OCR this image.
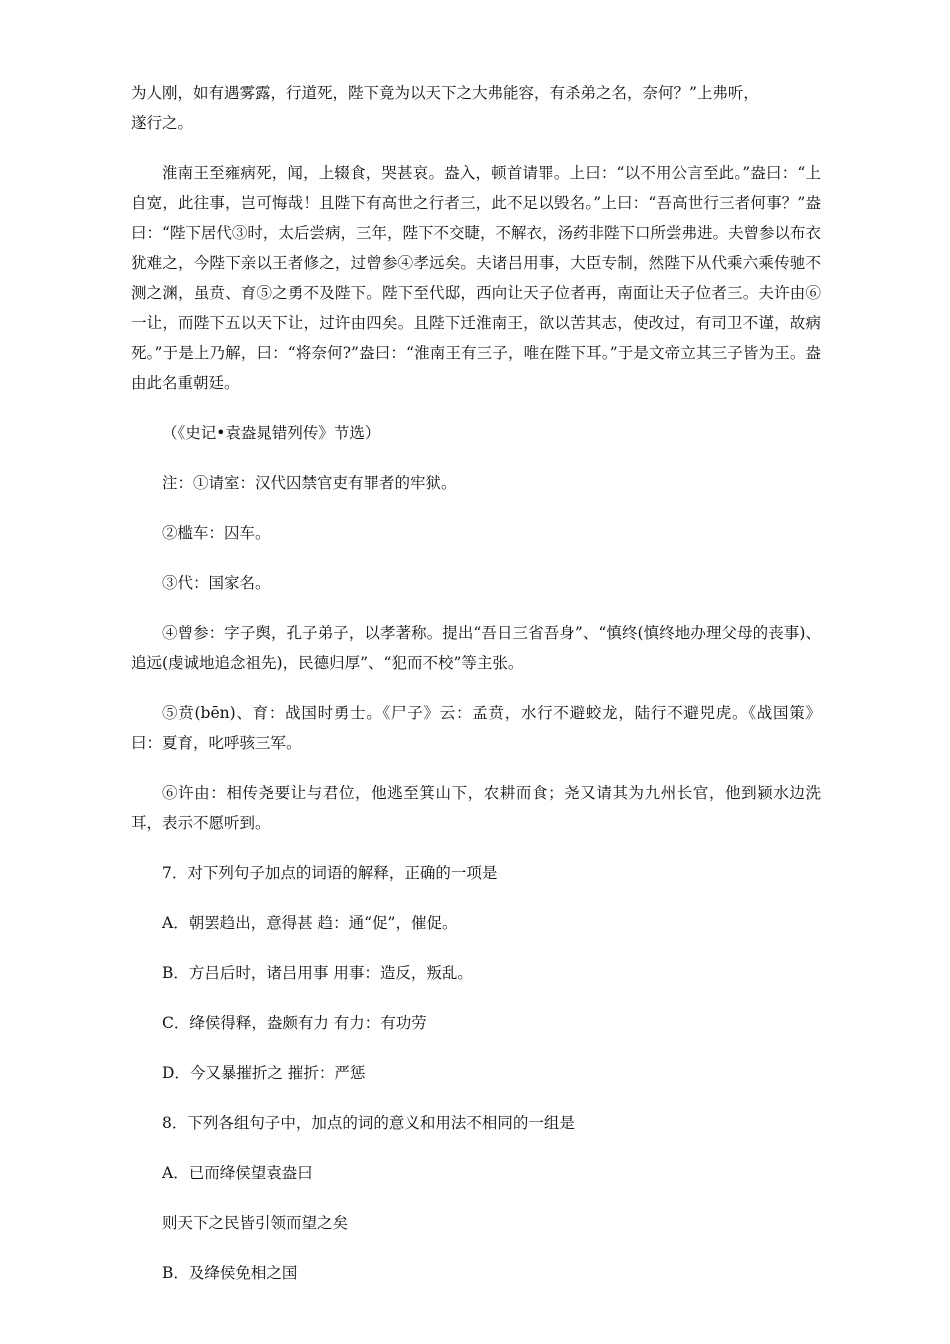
为人刚，如有遇雾露，行道死，陛下竟为以天下之大弗能容，有杀弟之名，奈何？”上弗听，

遂行之。

淮南王至雍病死，闻，上辍食，哭甚哀。盎入，顿首请罪。上曰：“以不用公言至此。”盎曰：“上自宽，此往事，岂可悔哉！且陛下有高世之行者三，此不足以毁名。”上曰：“吾高世行三者何事？”盎曰：“陛下居代③时，太后尝病，三年，陛下不交睫，不解衣，汤药非陛下口所尝弗进。夫曾参以布衣犹难之，今陛下亲以王者修之，过曾参④孝远矣。夫诸吕用事，大臣专制，然陛下从代乘六乘传驰不测之渊，虽贲、育⑤之勇不及陛下。陛下至代邸，西向让天子位者再，南面让天子位者三。夫许由⑥一让，而陛下五以天下让，过许由四矣。且陛下迁淮南王，欲以苦其志，使改过，有司卫不谨，故病死。”于是上乃解，曰：“将奈何?”盎曰：“淮南王有三子，唯在陛下耳。”于是文帝立其三子皆为王。盎由此名重朝廷。

（《史记•袁盎晁错列传》节选）

注：①请室：汉代囚禁官吏有罪者的牢狱。

②槛车：囚车。

③代：国家名。

④曾参：字子舆，孔子弟子，以孝著称。提出“吾日三省吾身”、“慎终(慎终地办理父母的丧事)、追远(虔诚地追念祖先)，民德归厚”、“犯而不校”等主张。

⑤贲(bēn)、育：战国时勇士。《尸子》云：孟贲，水行不避蛟龙，陆行不避兕虎。《战国策》曰：夏育，叱呼骇三军。

⑥许由：相传尧要让与君位，他逃至箕山下，农耕而食；尧又请其为九州长官，他到颍水边洗耳，表示不愿听到。

7．对下列句子加点的词语的解释，正确的一项是

A．朝罢趋出，意得甚 趋：通“促”，催促。

B．方吕后时，诸吕用事 用事：造反，叛乱。

C．绛侯得释，盎颇有力 有力：有功劳

D．今又暴摧折之 摧折：严惩

8．下列各组句子中，加点的词的意义和用法不相同的一组是

A．已而绛侯望袁盎曰

则天下之民皆引领而望之矣

B．及绛侯免相之国
